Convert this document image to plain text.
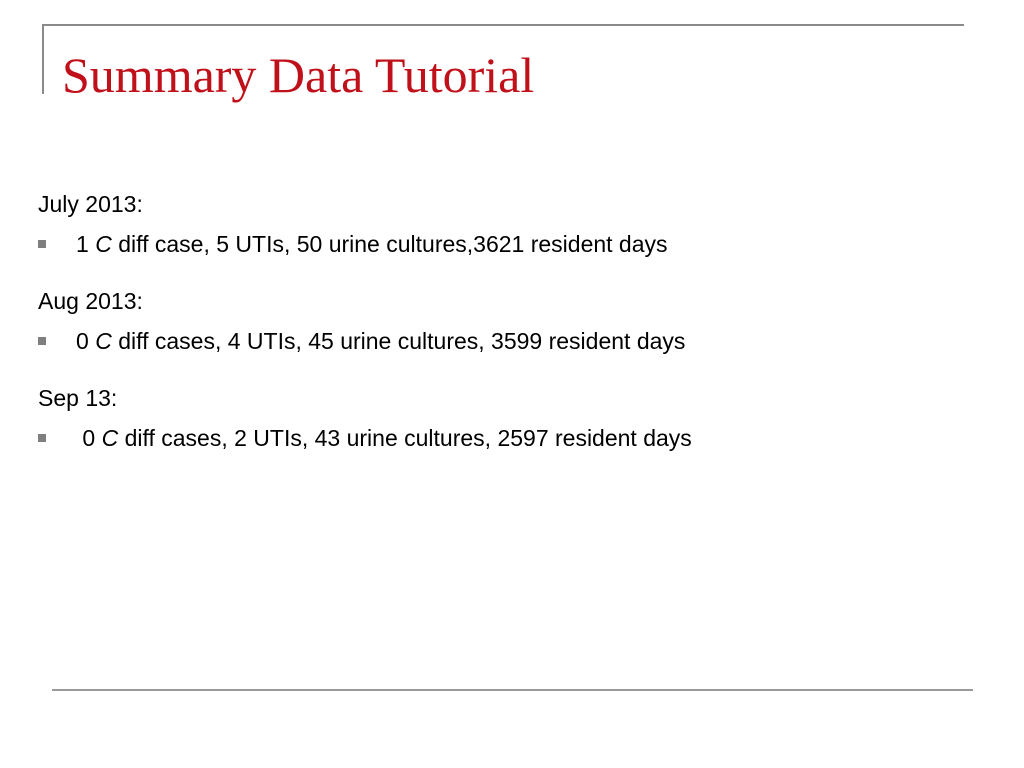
Summary Data Tutorial
July 2013:
1 C diff case, 5 UTIs, 50 urine cultures,3621 resident days
Aug 2013:
0 C diff cases, 4 UTIs, 45 urine cultures, 3599 resident days
Sep 13:
0 C diff cases, 2 UTIs, 43 urine cultures, 2597 resident days
